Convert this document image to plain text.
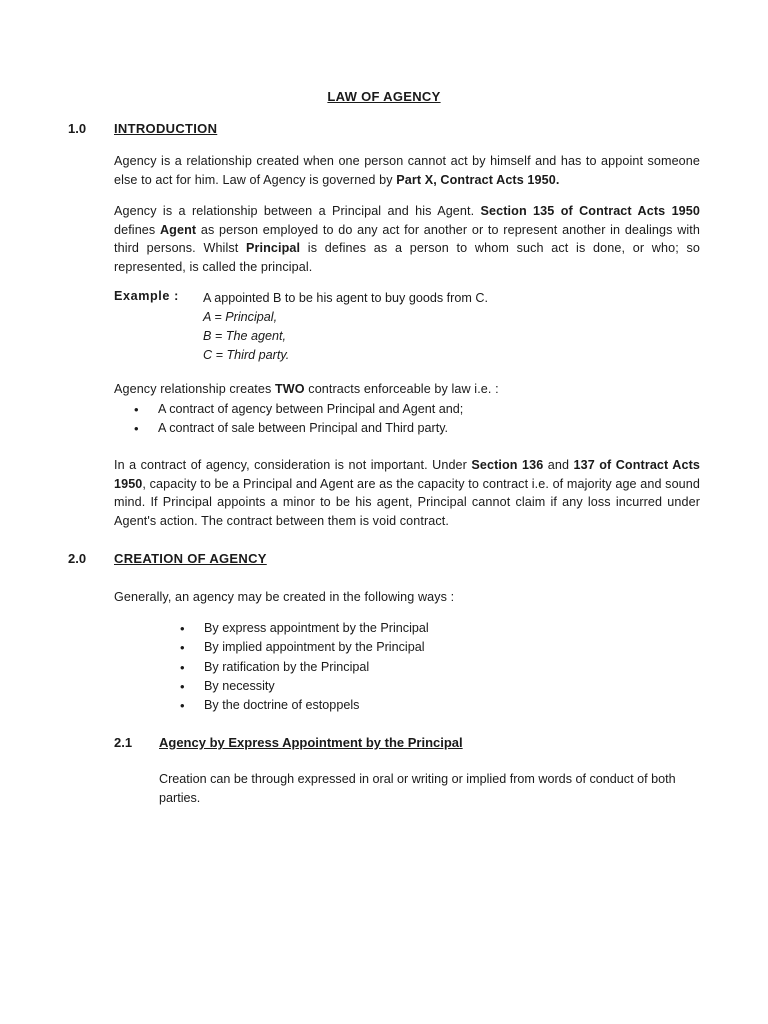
LAW OF AGENCY
1.0 INTRODUCTION
Agency is a relationship created when one person cannot act by himself and has to appoint someone else to act for him. Law of Agency is governed by Part X, Contract Acts 1950.
Agency is a relationship between a Principal and his Agent. Section 135 of Contract Acts 1950 defines Agent as person employed to do any act for another or to represent another in dealings with third persons. Whilst Principal is defines as a person to whom such act is done, or who; so represented, is called the principal.
Example : A appointed B to be his agent to buy goods from C.
A = Principal,
B = The agent,
C = Third party.
Agency relationship creates TWO contracts enforceable by law i.e. :
• A contract of agency between Principal and Agent and;
• A contract of sale between Principal and Third party.
In a contract of agency, consideration is not important. Under Section 136 and 137 of Contract Acts 1950, capacity to be a Principal and Agent are as the capacity to contract i.e. of majority age and sound mind. If Principal appoints a minor to be his agent, Principal cannot claim if any loss incurred under Agent's action. The contract between them is void contract.
2.0 CREATION OF AGENCY
Generally, an agency may be created in the following ways :
• By express appointment by the Principal
• By implied appointment by the Principal
• By ratification by the Principal
• By necessity
• By the doctrine of estoppels
2.1 Agency by Express Appointment by the Principal
Creation can be through expressed in oral or writing or implied from words of conduct of both parties.
